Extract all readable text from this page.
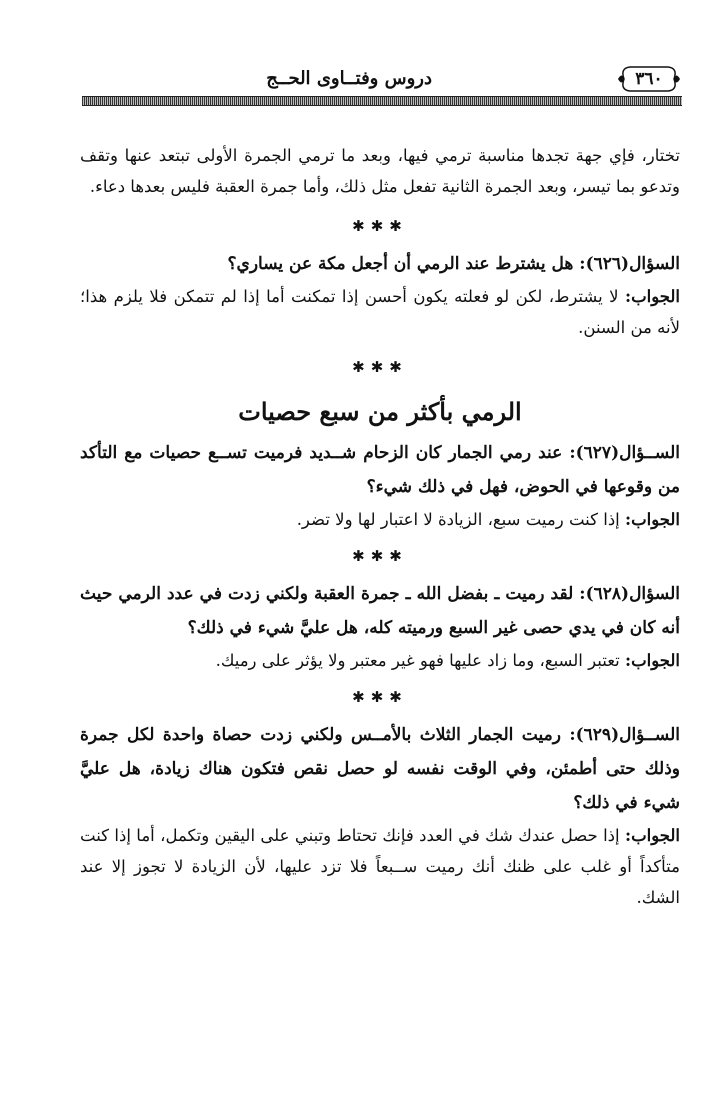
٣٦٠
دروس وفتــاوى الحــج

تختار، فإي جهة تجدها مناسبة ترمي فيها، وبعد ما ترمي الجمرة الأولى تبتعد عنها وتقف وتدعو بما تيسر، وبعد الجمرة الثانية تفعل مثل ذلك، وأما جمرة العقبة فليس بعدها دعاء.

✱✱✱

السؤال(٦٢٦): هل يشترط عند الرمي أن أجعل مكة عن يساري؟

الجواب: لا يشترط، لكن لو فعلته يكون أحسن إذا تمكنت أما إذا لم تتمكن فلا يلزم هذا؛ لأنه من السنن.

✱✱✱
الرمي بأكثر من سبع حصيات

الســؤال(٦٢٧): عند رمي الجمار كان الزحام شــديد فرميت تســع حصيات مع التأكد من وقوعها في الحوض، فهل في ذلك شيء؟

الجواب: إذا كنت رميت سبع، الزيادة لا اعتبار لها ولا تضر.

✱✱✱

السؤال(٦٢٨): لقد رميت ـ بفضل الله ـ جمرة العقبة ولكني زدت في عدد الرمي حيث أنه كان في يدي حصى غير السبع ورميته كله، هل عليَّ شيء في ذلك؟

الجواب: تعتبر السبع، وما زاد عليها فهو غير معتبر ولا يؤثر على رميك.

✱✱✱

الســؤال(٦٢٩): رميت الجمار الثلاث بالأمــس ولكني زدت حصاة واحدة لكل جمرة وذلك حتى أطمئن، وفي الوقت نفسه لو حصل نقص فتكون هناك زيادة، هل عليَّ شيء في ذلك؟

الجواب: إذا حصل عندك شك في العدد فإنك تحتاط وتبني على اليقين وتكمل، أما إذا كنت متأكداً أو غلب على ظنك أنك رميت ســبعاً فلا تزد عليها، لأن الزيادة لا تجوز إلا عند الشك.
